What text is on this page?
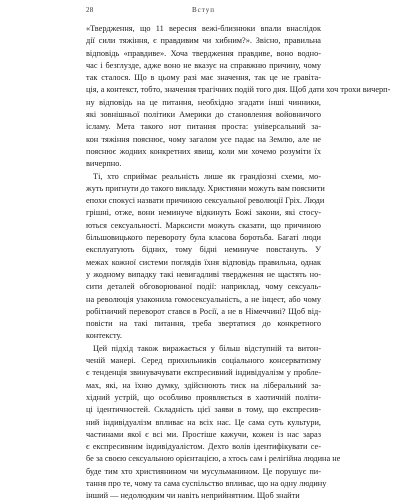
28	Вступ
«Твердження, що 11 вересня вежі-близнюки впали внаслідок
дії сили тяжіння, є правдивим чи хибним?». Звісно, правильна
відповідь «правдиве». Хоча твердження правдиве, воно водно-
час і безглузде, адже воно не вказує на справжню причину, чому
так сталося. Що в цьому разі має значення, так це не гравіта-
ція, а контекст, тобто, значення трагічних подій того дня. Щоб дати хоч трохи вичерп-
ну відповідь на це питання, необхідно згадати інші чинники,
які зовнішньої політики Америки до становлення войовничого
ісламу. Мета такого нот питання проста: універсальний за-
кон тяжіння пояснює, чому загалом усе падає на Землю, але не
пояснює жодних конкретних явищ, коли ми хочемо розуміти їх
вичерпно.
Ті, хто сприймає реальність лише як грандіозні схеми, мо-
жуть пригнути до такого викладу. Християни можуть вам пояснити
епохи спокусі назвати причиною сексуальної революції Гріх. Люди
грішні, отже, вони неминуче відкинуть Божі закони, які стосу-
ються сексуальності. Марксисти можуть сказати, що причиною
більшовицького перевороту була класова боротьба. Багаті люди
експлуатують бідних, тому бідні неминуче повстануть. У
межах кожної системи поглядів їхня відповідь правильна, однак
у жодному випадку такі невигадливі твердження не щастять но-
сити деталей обговорюваної події: наприклад, чому сексуаль-
на революція узаконила гомосексуальність, а не інцест, або чому
робітничий переворот стався в Росії, а не в Німеччині? Щоб від-
повісти на такі питання, треба звертатися до конкретного
контексту.
Цей підхід також виражається у більш відступній та витон-
ченій манері. Серед прихильників соціального консерватизму
є тенденція звинувачувати експресивний індивідуалізм у пробле-
мах, які, на їхню думку, здійснюють тиск на ліберальний за-
хідний устрій, що особливо проявляється в хаотичній політи-
ці ідентичностей. Складність цієї заяви в тому, що експресив-
ний індивідуалізм впливає на всіх нас. Це сама суть культури,
частинами якої є всі ми. Простіше кажучи, кожен із нас зараз
є експресивним індивідуалістом. Дехто волів ідентифікувати се-
бе за своєю сексуальною орієнтацією, а хтось сам і релігійна людина не
буде тим хто християнином чи мусульманином. Це порушує пи-
тання про те, чому та сама суспільство впливає, що на одну людину
інший — недолюдким чи навіть неприйнятним. Щоб знайти
